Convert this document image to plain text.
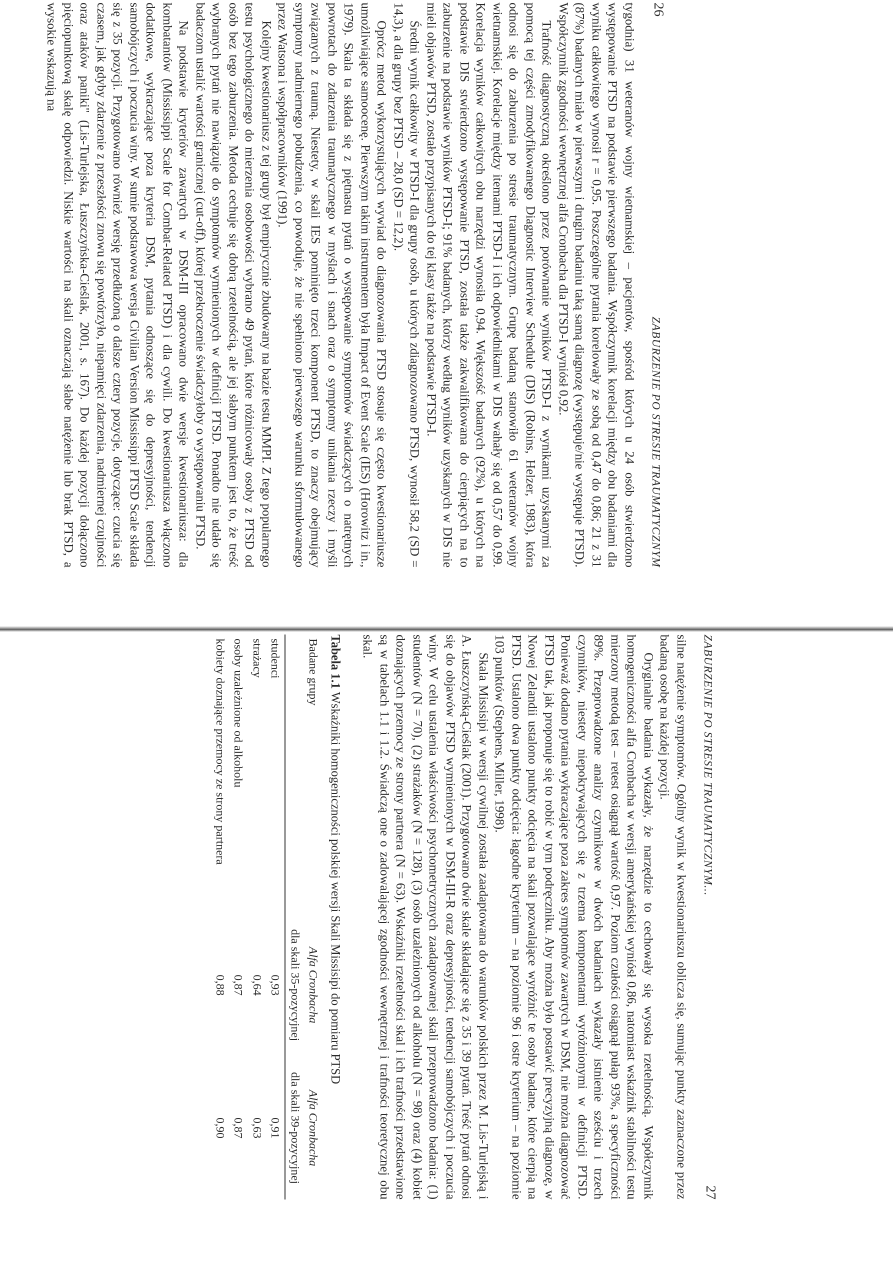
26
ZABURZENIE PO STRESIE TRAUMATYCZNYM

tygodnia) 31 weteranów wojny wietnamskiej – pacjentów, spośród których u 24 osób stwierdzono występowanie PTSD na podstawie pierwszego badania. Współczynnik korelacji między obu badaniami dla wyniku całkowitego wynosił r = 0,95. Poszczególne pytania korelowały ze sobą od 0,47 do 0,86; 21 z 31 (87%) badanych miało w pierwszym i drugim badaniu taką samą diagnozę (występuje/nie występuje PTSD). Współczynnik zgodności wewnętrznej alfa Cronbacha dla PTSD-I wyniósł 0,92.

Trafność diagnostyczną określono przez porównanie wyników PTSD-I z wynikami uzyskanymi za pomocą tej części zmodyfikowanego Diagnostic Interview Schedule (DIS) (Robins, Helzer, 1983), która odnosi się do zaburzenia po stresie traumatycznym. Grupę badaną stanowiło 61 weteranów wojny wietnamskiej. Korelacje między itemami PTSD-I i ich odpowiednikami w DIS wahały się od 0,57 do 0,99. Korelacja wyników całkowitych obu narzędzi wynosiła 0,94. Większość badanych (92%), u których na podstawie DIS stwierdzono występowanie PTSD, została także zakwalifikowana do cierpiących na to zaburzenie na podstawie wyników PTSD-I; 91% badanych, którzy według wyników uzyskanych w DIS nie mieli objawów PTSD, zostało przypisanych do tej klasy także na podstawie PTSD-I.

Średni wynik całkowity w PTSD-I dla grupy osób, u których zdiagnozowano PTSD, wynosił 58,2 (SD = 14,3), a dla grupy bez PTSD – 28,0 (SD = 12,2).

Oprócz metod wykorzystujących wywiad do diagnozowania PTSD stosuje się często kwestionariusze umożliwiające samoocenę. Pierwszym takim instrumentem była Impact of Event Scale (IES) (Horowitz i in., 1979). Skala ta składa się z piętnastu pytań o występowanie symptomów świadczących o natrętnych powrotach do zdarzenia traumatycznego w myślach i snach oraz o symptomy unikania rzeczy i myśli związanych z traumą. Niestety, w skali IES pominięto trzeci komponent PTSD, to znaczy obejmujący symptomy nadmiernego pobudzenia, co powoduje, że nie spełniono pierwszego warunku sformułowanego przez Watsona i współpracowników (1991).

Kolejny kwestionariusz z tej grupy był empirycznie zbudowany na bazie testu MMPI. Z tego popularnego testu psychologicznego do mierzenia osobowości wybrano 49 pytań, które różnicowały osoby z PTSD od osób bez tego zaburzenia. Metoda cechuje się dobrą rzetelnością, ale jej słabym punktem jest to, że treść wybranych pytań nie nawiązuje do symptomów wymienionych w definicji PTSD. Ponadto nie udało się badaczom ustalić wartości granicznej (cut-off), której przekroczenie świadczyłoby o występowaniu PTSD.

Na podstawie kryteriów zawartych w DSM-III opracowano dwie wersje kwestionariusza: dla kombatantów (Mississippi Scale for Combat-Related PTSD) i dla cywili. Do kwestionariusza włączono dodatkowe, wykraczające poza kryteria DSM, pytania odnoszące się do depresyjności, tendencji samobójczych i poczucia winy. W sumie podstawowa wersja Civilian Version Mississippi PTSD Scale składa się z 35 pozycji. Przygotowano również wersję przedłużoną o dalsze cztery pozycje, dotyczące: czucia się czasem, jak gdyby zdarzenie z przeszłości znowu się powtórzyło, niepamięci zdarzenia, nadmiernej czujności oraz ataków paniki" (Lis-Turlejska, Łuszczyńska-Cieślak, 2001, s. 167). Do każdej pozycji dołączono pięciopunktową skalę odpowiedzi. Niskie wartości na skali oznaczają słabe natężenie lub brak PTSD, a wysokie wskazują na

ZABURZENIE PO STRESIE TRAUMATYCZNYM...
27

silne natężenie symptomów. Ogólny wynik w kwestionariuszu oblicza się, sumując punkty zaznaczone przez badaną osobę na każdej pozycji.

Oryginalne badania wykazały, że narzędzie to cechowały się wysoka rzetelnością. Współczynnik homogeniczności alfa Cronbacha w wersji amerykańskiej wyniósł 0,86, natomiast wskaźnik stabilności testu mierzony metodą test – retest osiągnął wartość 0,97. Poziom czułości osiągnął pułap 93%, a specyficzności 89%. Przeprowadzone analizy czynnikowe w dwóch badaniach wykazały istnienie sześciu i trzech czynników, niestety niepokrywających się z trzema komponentami wyróżnionymi w definicji PTSD. Ponieważ dodano pytania wykraczające poza zakres symptomów zawartych w DSM, nie można diagnozować PTSD tak, jak proponuje się to robić w tym podręczniku. Aby można było postawić precyzyjną diagnozę, w Nowej Zelandii ustalono punkty odcięcia na skali pozwalające wyróżnić te osoby badane, które cierpią na PTSD. Ustalono dwa punkty odcięcia: łagodne kryterium – na poziomie 96 i ostre kryterium – na poziomie 103 punktów (Stephens, Miller, 1998).

Skala Missisipi w wersji cywilnej została zaadaptowana do warunków polskich przez M. Lis-Turlejską i A. Łuszczyńską-Cieślak (2001). Przygotowano dwie skale składające się z 35 i 39 pytań. Treść pytań odnosi się do objawów PTSD wymienionych w DSM-III-R oraz depresyjności, tendencji samobójczych i poczucia winy. W celu ustalenia właściwości psychometrycznych zaadaptowanej skali przeprowadzono badania: (1) studentów (N = 70), (2) strażaków (N = 128), (3) osób uzależnionych od alkoholu (N = 98) oraz (4) kobiet doznających przemocy ze strony partnera (N = 63). Wskaźniki rzetelności skal i ich trafności przedstawione są w tabelach 1.1 i 1.2. Świadczą one o zadowalającej zgodności wewnętrznej i trafności teoretycznej obu skal.

Tabela 1.1 Wskaźniki homogeniczności polskiej wersji Skali Missisipi do pomiaru PTSD
Badane grupy	Alfa Cronbacha	Alfa Cronbacha

	dla skali 35-pozycyjnej	dla skali 39-pozycyjnej
studenci	0,93	0,91
strażacy	0,64	0,63
osoby uzależnione od alkoholu	0,87	0,87
kobiety doznające przemocy ze strony partnera	0,88	0,90
